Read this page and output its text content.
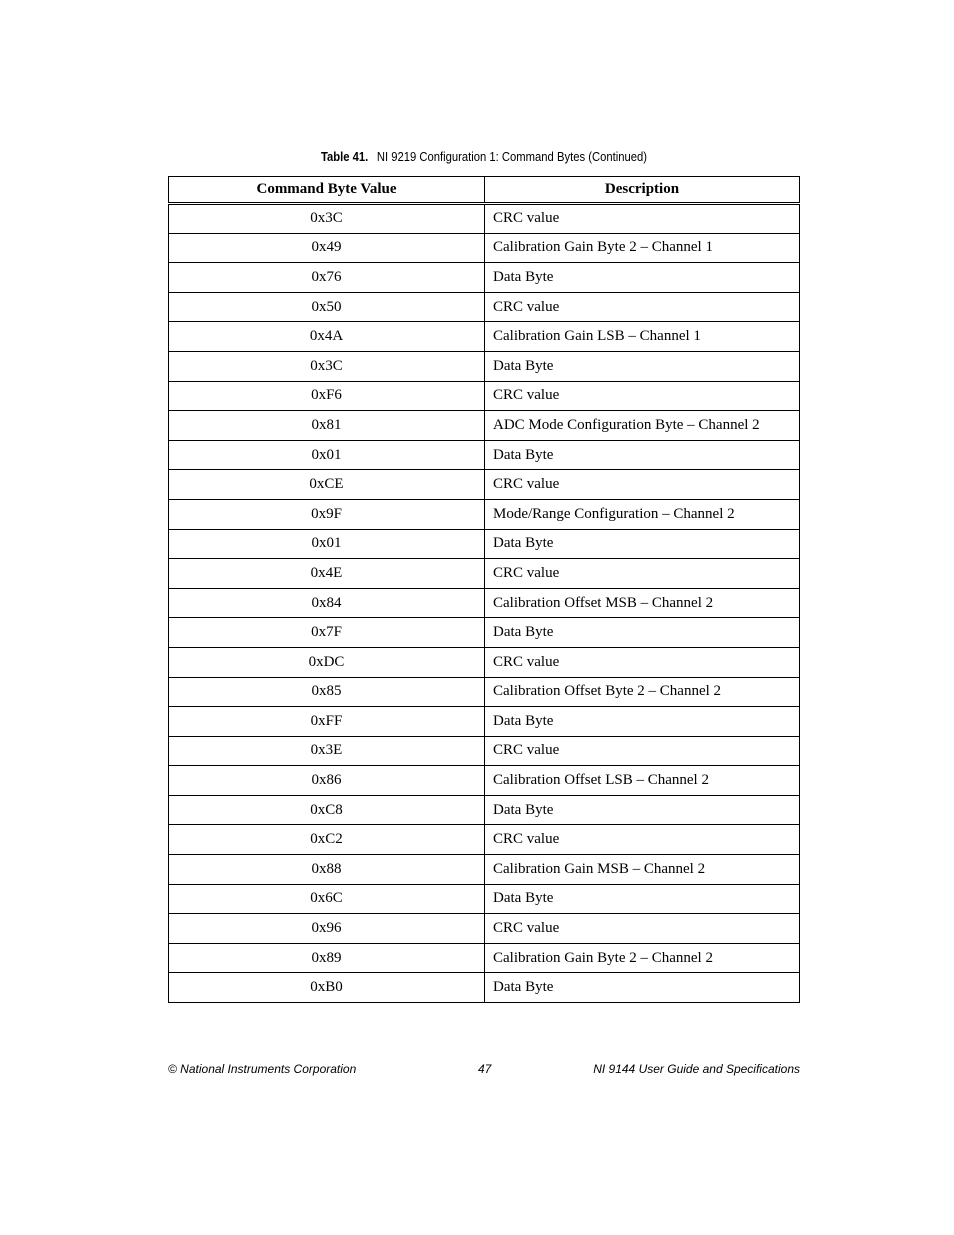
Table 41. NI 9219 Configuration 1: Command Bytes (Continued)
Command Byte Value	Description
0x3C	CRC value
0x49	Calibration Gain Byte 2 – Channel 1
0x76	Data Byte
0x50	CRC value
0x4A	Calibration Gain LSB – Channel 1
0x3C	Data Byte
0xF6	CRC value
0x81	ADC Mode Configuration Byte – Channel 2
0x01	Data Byte
0xCE	CRC value
0x9F	Mode/Range Configuration – Channel 2
0x01	Data Byte
0x4E	CRC value
0x84	Calibration Offset MSB – Channel 2
0x7F	Data Byte
0xDC	CRC value
0x85	Calibration Offset Byte 2 – Channel 2
0xFF	Data Byte
0x3E	CRC value
0x86	Calibration Offset LSB – Channel 2
0xC8	Data Byte
0xC2	CRC value
0x88	Calibration Gain MSB – Channel 2
0x6C	Data Byte
0x96	CRC value
0x89	Calibration Gain Byte 2 – Channel 2
0xB0	Data Byte
© National Instruments Corporation	47	NI 9144 User Guide and Specifications
